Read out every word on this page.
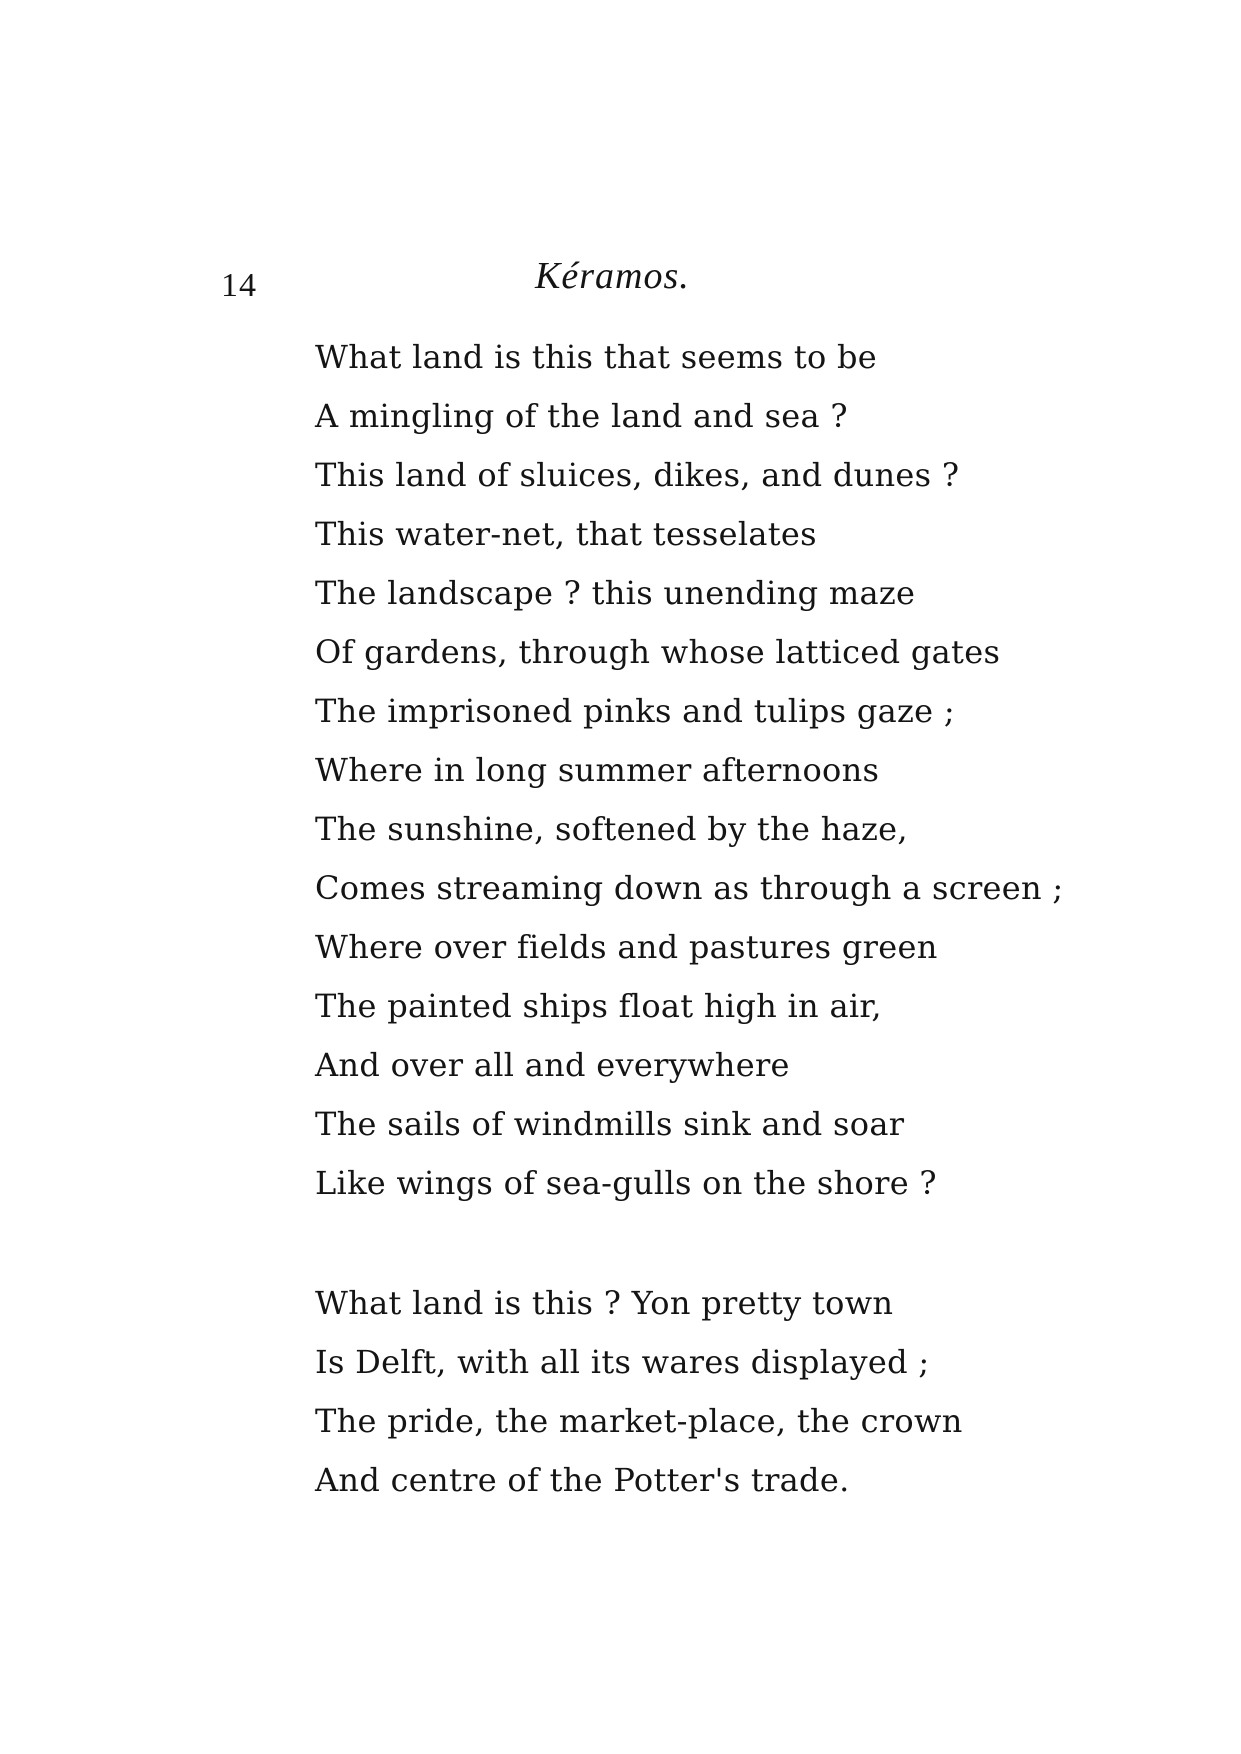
14	Kéramos.
What land is this that seems to be
A mingling of the land and sea ?
This land of sluices, dikes, and dunes ?
This water-net, that tesselates
The landscape ? this unending maze
Of gardens, through whose latticed gates
The imprisoned pinks and tulips gaze ;
Where in long summer afternoons
The sunshine, softened by the haze,
Comes streaming down as through a screen ;
Where over fields and pastures green
The painted ships float high in air,
And over all and everywhere
The sails of windmills sink and soar
Like wings of sea-gulls on the shore ?
What land is this ? Yon pretty town
Is Delft, with all its wares displayed ;
The pride, the market-place, the crown
And centre of the Potter's trade.
